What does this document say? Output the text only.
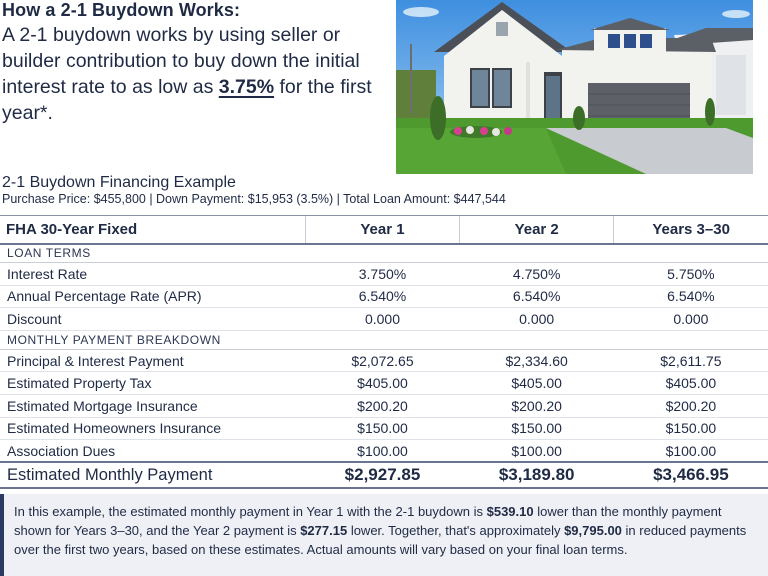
How a 2-1 Buydown Works:
A 2-1 buydown works by using seller or builder contribution to buy down the initial interest rate to as low as 3.75% for the first year*.
2-1 Buydown Financing Example
Purchase Price: $455,800 | Down Payment: $15,953 (3.5%) | Total Loan Amount: $447,544
FHA 30-Year Fixed	Year 1	Year 2	Years 3–30
LOAN TERMS			
Interest Rate	3.750%	4.750%	5.750%
Annual Percentage Rate (APR)	6.540%	6.540%	6.540%
Discount	0.000	0.000	0.000
MONTHLY PAYMENT BREAKDOWN			
Principal & Interest Payment	$2,072.65	$2,334.60	$2,611.75
Estimated Property Tax	$405.00	$405.00	$405.00
Estimated Mortgage Insurance	$200.20	$200.20	$200.20
Estimated Homeowners Insurance	$150.00	$150.00	$150.00
Association Dues	$100.00	$100.00	$100.00
Estimated Monthly Payment	$2,927.85	$3,189.80	$3,466.95
In this example, the estimated monthly payment in Year 1 with the 2-1 buydown is $539.10 lower than the monthly payment shown for Years 3–30, and the Year 2 payment is $277.15 lower. Together, that's approximately $9,795.00 in reduced payments over the first two years, based on these estimates. Actual amounts will vary based on your final loan terms.
